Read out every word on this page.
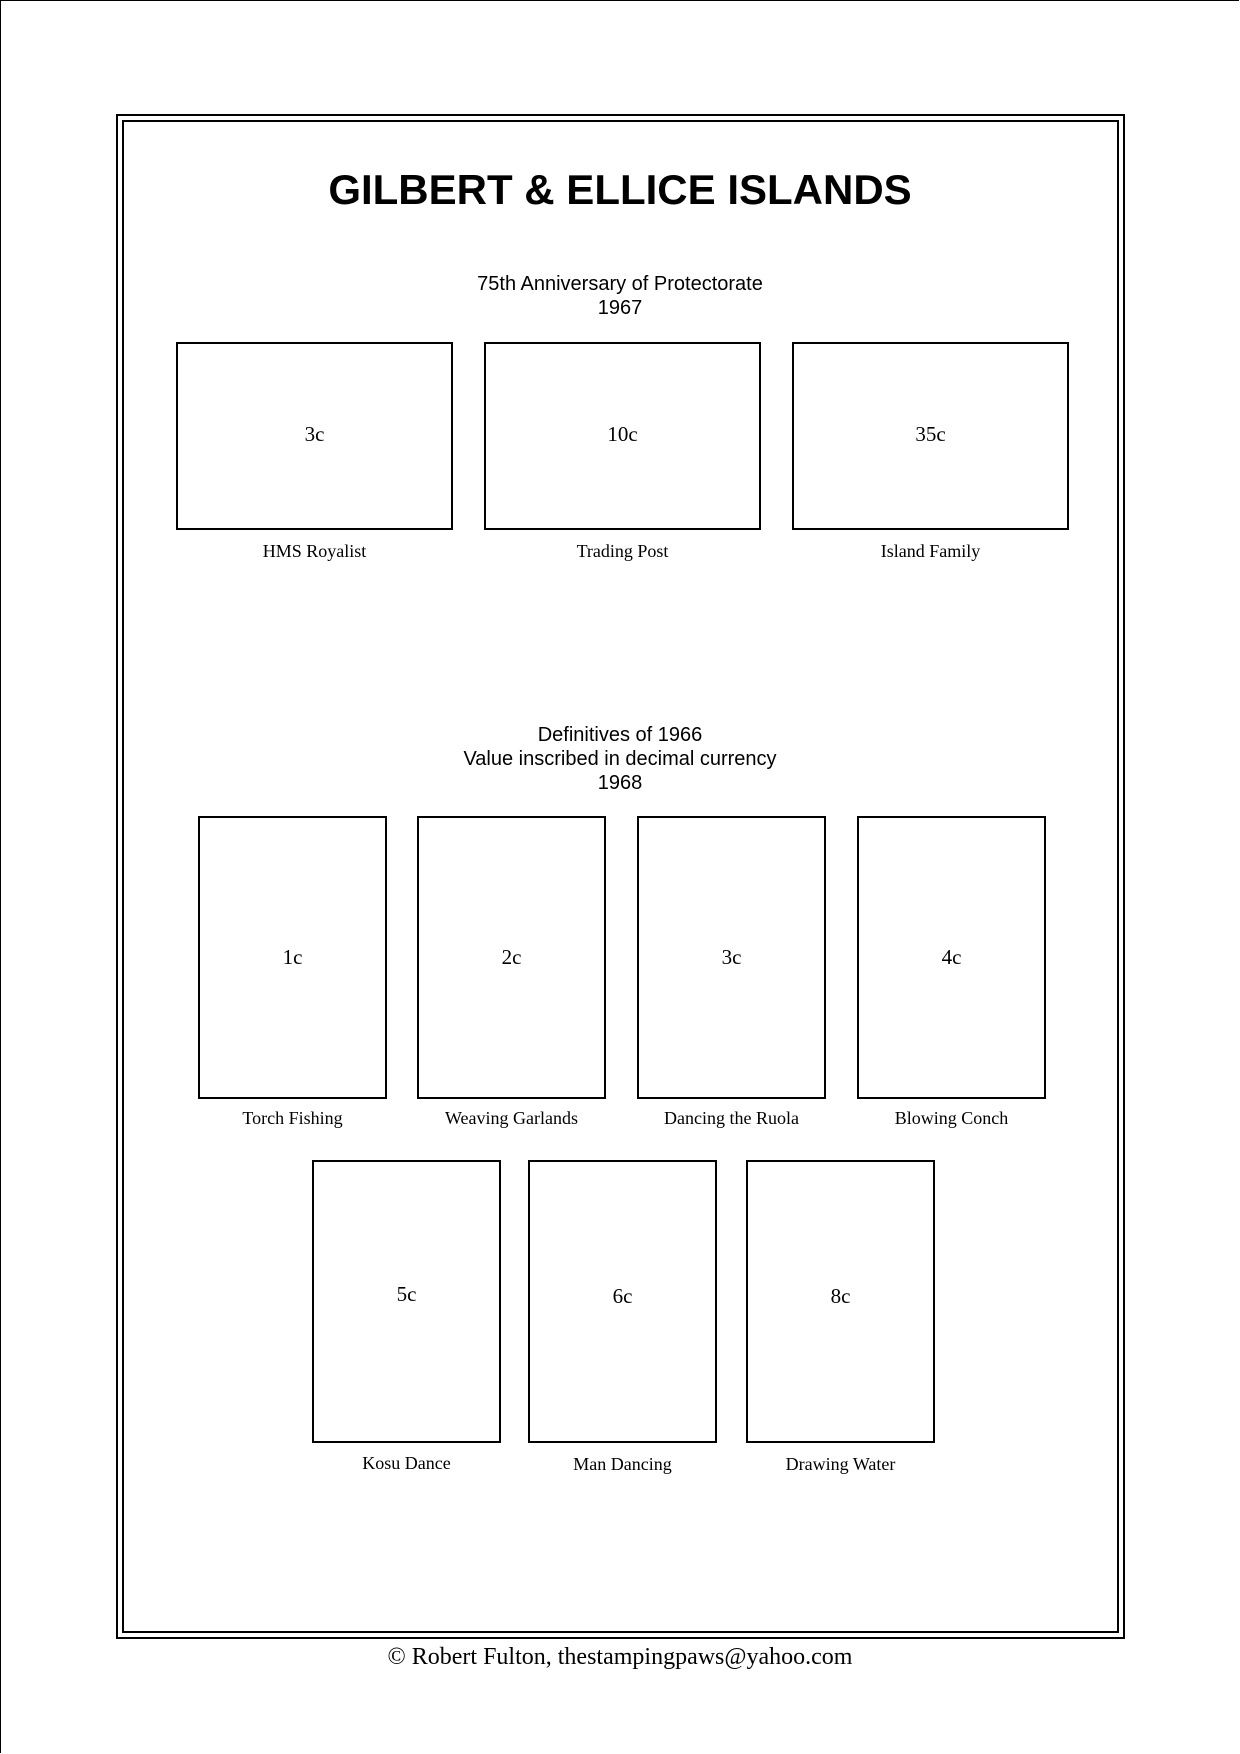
GILBERT & ELLICE ISLANDS
75th Anniversary of Protectorate
1967
3c
HMS Royalist
10c
Trading Post
35c
Island Family
Definitives of 1966
Value inscribed in decimal currency
1968
1c
Torch Fishing
2c
Weaving Garlands
3c
Dancing the Ruola
4c
Blowing Conch
5c
Kosu Dance
6c
Man Dancing
8c
Drawing Water
© Robert Fulton, thestampingpaws@yahoo.com
